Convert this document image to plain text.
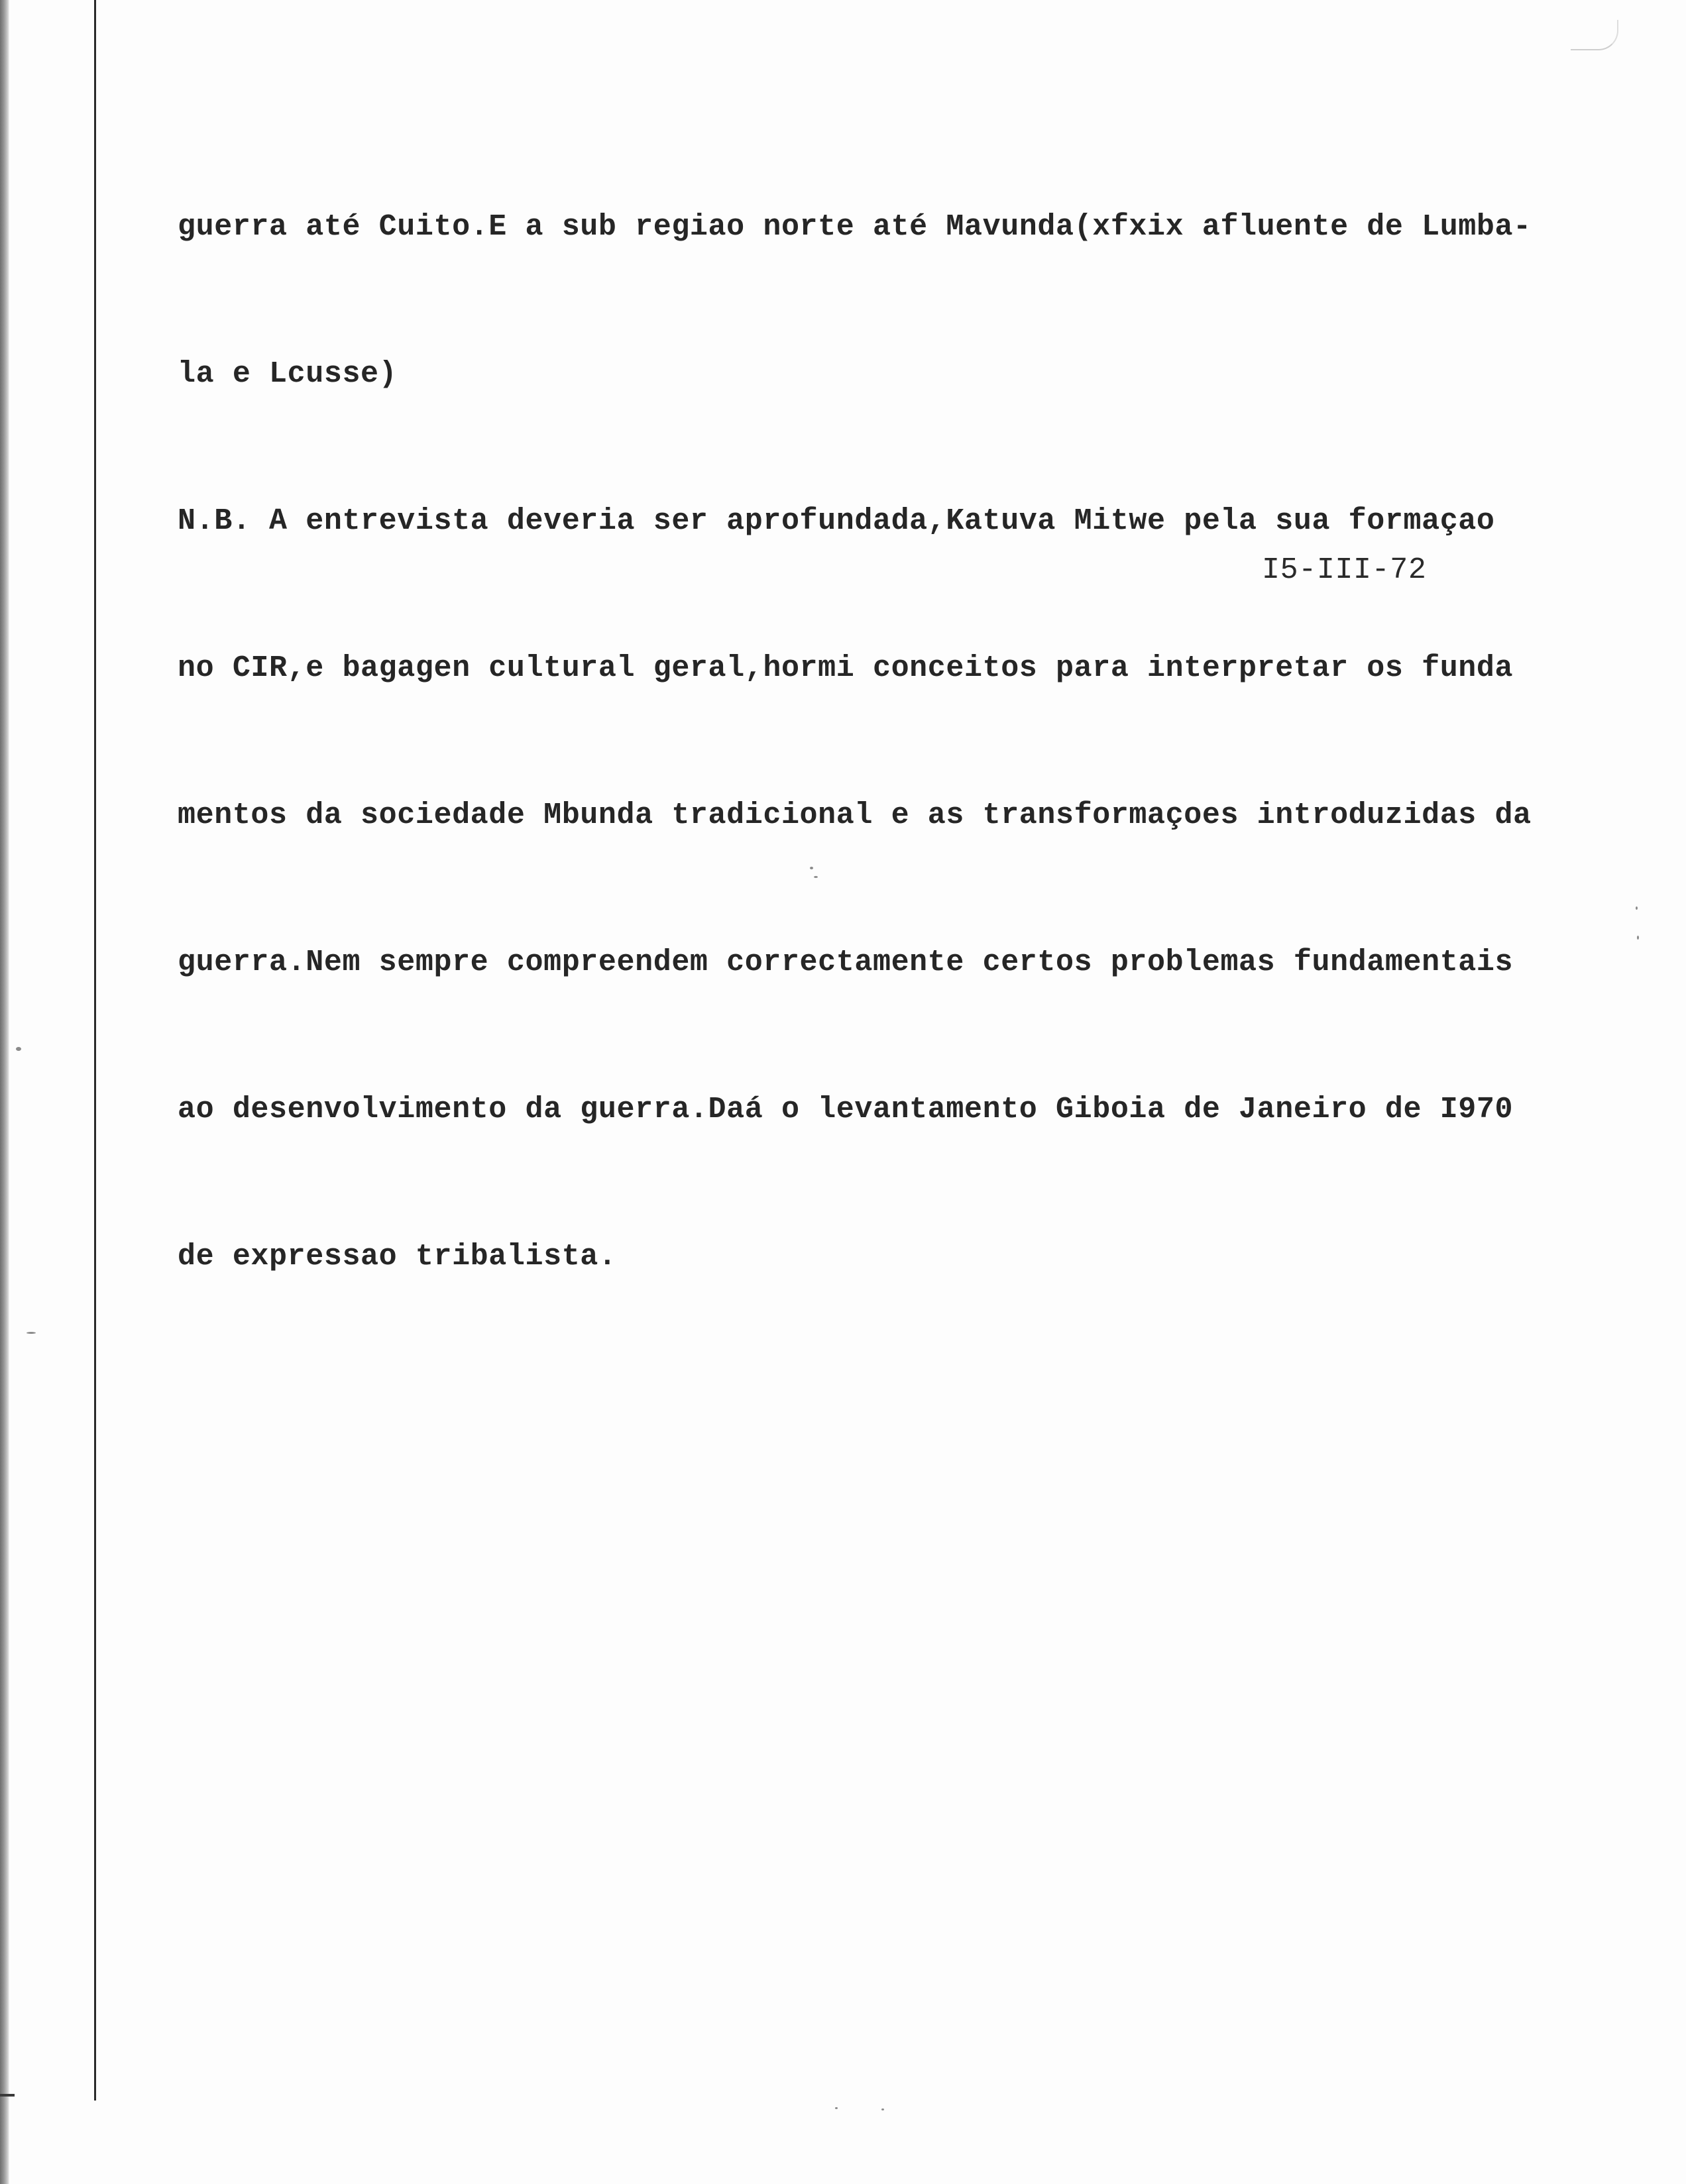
guerra até Cuito.E a sub regiao norte até Mavunda(xfxix afluente de Lumba-

la e Lcusse)

N.B. A entrevista deveria ser aprofundada,Katuva Mitwe pela sua formaçao

no CIR,e bagagen cultural geral,hormi conceitos para interpretar os funda

mentos da sociedade Mbunda tradicional e as transformaçoes introduzidas da

guerra.Nem sempre compreendem correctamente certos problemas fundamentais

ao desenvolvimento da guerra.Daá o levantamento Giboia de Janeiro de I970

de expressao tribalista.

I5-III-72
